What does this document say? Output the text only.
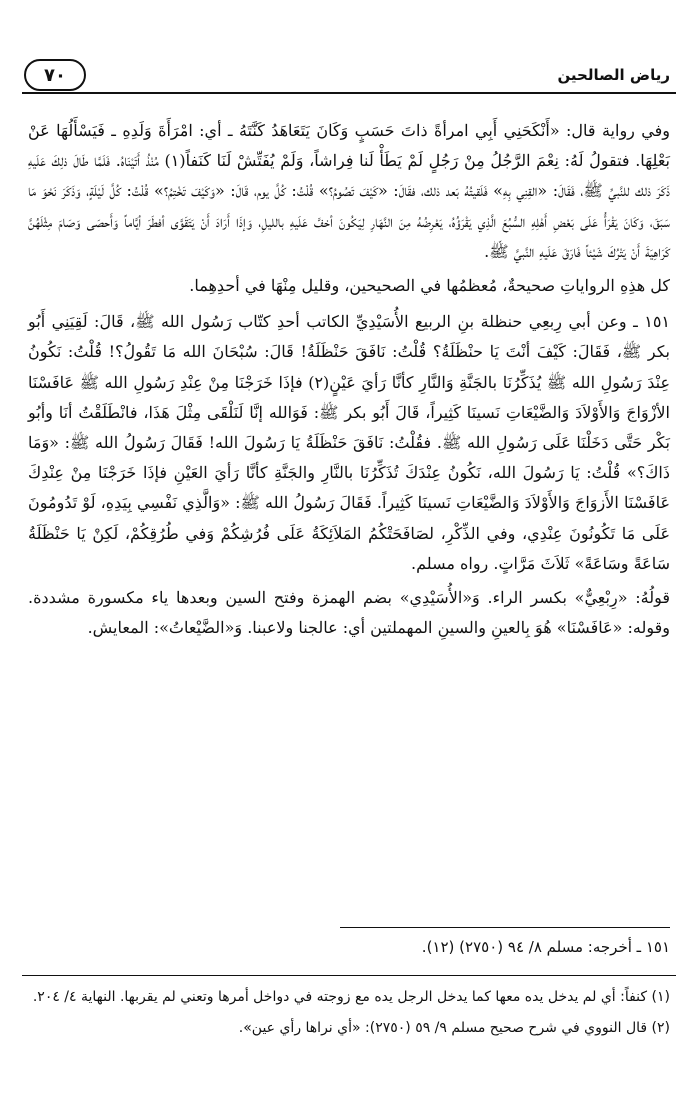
رياض الصالحين
٧٠

وفي رواية قال: «أَنْكَحَنِي أَبِي امرأةً ذاتَ حَسَبٍ وَكَانَ يَتَعَاهَدُ كَنَّتَهُ ـ أي: امْرَأَةَ وَلَدِهِ ـ فَيَسْأَلُهَا عَنْ بَعْلِهَا. فتقولُ لَهُ: نِعْمَ الرَّجُلُ مِنْ رَجُلٍ لَمْ يَطَأْ لَنا فِراشاً، وَلَمْ يُفَتِّشْ لَنَا كَنَفاً(١) مُنْذُ أَتَيْنَاهُ. فَلَمَّا طَالَ ذلِكَ عَلَيهِ ذَكَرَ ذلك للنَّبيِّ ﷺ، فَقَالَ: «القِنِي بِهِ» فَلَقيتُهُ بَعد ذلك، فقَالَ: «كَيْفَ تَصُومُ؟» قُلْتُ: كُلَّ يوم، قَالَ: «وَكَيْفَ تَخْتِمُ؟» قُلْتُ: كُلَّ لَيْلَةٍ، وَذَكَرَ نَحْوَ مَا سَبَقَ، وَكَانَ يَقْرَأُ عَلَى بَعْضِ أَهْلِهِ السُّبُعَ الَّذِي يَقْرَؤُهُ، يَعْرِضُهُ مِنَ النَّهَارِ لِيَكُونَ أخفَّ عَلَيهِ بالليلِ، وَإذَا أَرَادَ أَنْ يَتَقَوَّى أفطَرَ أيَّاماً وَأَحصَى وَصَامَ مِثْلَهُنَّ كَرَاهِيَةَ أَنْ يَتْرُكَ شَيْئاً فَارَقَ عَلَيهِ النَّبيَّ ﷺ.

كل هذِهِ الرواياتِ صحيحةٌ، مُعظمُها في الصحيحين، وقليل مِنْهَا في أحدِهِما.

١٥١ ـ وعن أبي رِبعِي حنظلة بنِ الربيع الأُسَيْدِيِّ الكاتب أحدِ كتّاب رَسُول الله ﷺ، قَالَ: لَقِيَنِي أَبُو بكر ﷺ، فَقَالَ: كَيْفَ أنْتَ يَا حنْظَلَةُ؟ قُلْتُ: نَافَقَ حَنْظَلَةُ! قَالَ: سُبْحَانَ الله مَا تَقُولُ؟! قُلْتُ: نَكُونُ عِنْدَ رَسُولِ الله ﷺ يُذَكِّرُنَا بالجَنَّةِ وَالنَّارِ كأنَّا رَأيَ عَيْنٍ(٢) فإذَا خَرَجْنَا مِنْ عِنْدِ رَسُولِ الله ﷺ عَافَسْنَا الأزْوَاجَ وَالأَوْلاَدَ وَالضَّيْعَاتِ نَسينَا كَثِيراً، قَالَ أَبُو بكر ﷺ: فَوَالله إنَّا لَنَلْقَى مِثْلَ هَذَا، فانْطَلَقْتُ أنَا وأبُو بَكْر حَتَّى دَخَلْنَا عَلَى رَسُولِ الله ﷺ. فقُلْتُ: نَافَقَ حَنْظَلَةُ يَا رَسُولَ الله! فَقَالَ رَسُولُ الله ﷺ: «وَمَا ذَاكَ؟» قُلْتُ: يَا رَسُولَ الله، نَكُونُ عِنْدَكَ تُذَكِّرُنَا بالنَّارِ والجَنَّةِ كأنَّا رَأيَ العَيْنِ فإذَا خَرَجْنَا مِنْ عِنْدِكَ عَافَسْنَا الأَزوَاجَ وَالأَوْلاَدَ وَالضَّيْعَاتِ نَسينَا كَثِيراً. فَقَالَ رَسُولُ الله ﷺ: «وَالَّذِي نَفْسِي بِيَدِهِ، لَوْ تَدُومُونَ عَلَى مَا تَكُونُونَ عِنْدِي، وفي الذِّكْرِ، لصَافَحَتْكُمُ المَلاَئِكَةُ عَلَى فُرُشِكُمْ وَفي طُرُقِكُمْ، لَكِنْ يَا حَنْظَلَةُ سَاعَةً وسَاعَةً» ثَلاَثَ مَرَّاتٍ. رواه مسلم.

قولُهُ: «رِبْعِيٌّ» بكسر الراء. وَ«الأُسَيْدِي» بضم الهمزة وفتح السين وبعدها ياء مكسورة مشددة. وقوله: «عَافَسْنَا» هُوَ بِالعينِ والسينِ المهملتين أي: عالجنا ولاعبنا. وَ«الضَّيْعاتُ»: المعايش.

١٥١ ـ أخرجه: مسلم ٨/ ٩٤ (٢٧٥٠) (١٢).

(١) كنفاً: أي لم يدخل يده معها كما يدخل الرجل يده مع زوجته في دواخل أمرها وتعني لم يقربها. النهاية ٤/ ٢٠٤.

(٢) قال النووي في شرح صحيح مسلم ٩/ ٥٩ (٢٧٥٠): «أي نراها رأي عين».
